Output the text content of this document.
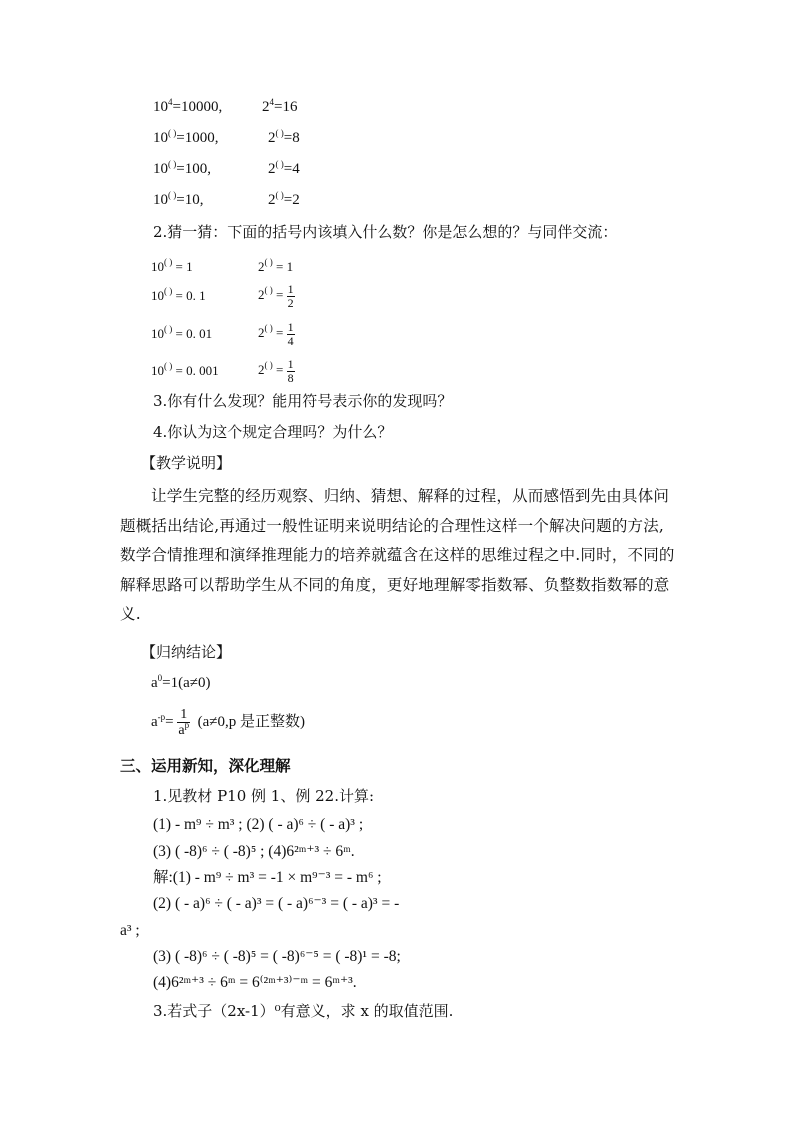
$10^4=10000$,	$2^4=16$
10( )=1000,	2( )=8
10( )=100,	2( )=4
10( )=10,	2( )=2
2.猜一猜：下面的括号内该填入什么数？你是怎么想的？与同伴交流：
10( ) = 1	2( ) = 1
10( ) = 0. 1	$2^{( )} = \frac{1}{2}$
10( ) = 0. 01	$2^{( )} = \frac{1}{4}$
10( ) = 0. 001	$2^{( )} = \frac{1}{8}$
3.你有什么发现？能用符号表示你的发现吗？
4.你认为这个规定合理吗？为什么？
【教学说明】
让学生完整的经历观察、归纳、猜想、解释的过程，从而感悟到先由具体问题概括出结论,再通过一般性证明来说明结论的合理性这样一个解决问题的方法,数学合情推理和演绎推理能力的培养就蕴含在这样的思维过程之中.同时，不同的解释思路可以帮助学生从不同的角度，更好地理解零指数幂、负整数指数幂的意义.
【归纳结论】
$a^0=1(a\ne 0)$
$a^{-p}= \frac{1}{a^p} (a\ne 0,p$ 是正整数)
三、运用新知，深化理解
1.见教材 P10 例 1、例 22.计算:
(1) - m⁹ ÷ m³ ; (2) ( - a)⁶ ÷ ( - a)³ ;
(3) ( -8)⁶ ÷ ( -8)⁵ ; (4)6²ᵐ⁺³ ÷ 6ᵐ.
解:(1) - m⁹ ÷ m³ = -1 × m⁹⁻³ = - m⁶ ;
(2) ( - a)⁶ ÷ ( - a)³ = ( - a)⁶⁻³ = ( - a)³ = -
a³ ;
(3) ( -8)⁶ ÷ ( -8)⁵ = ( -8)⁶⁻⁵ = ( -8)¹ = -8;
(4)6²ᵐ⁺³ ÷ 6ᵐ = 6⁽²ᵐ⁺³⁾⁻ᵐ = 6ᵐ⁺³.
3.若式子（2x-1）⁰有意义，求 x 的取值范围.
